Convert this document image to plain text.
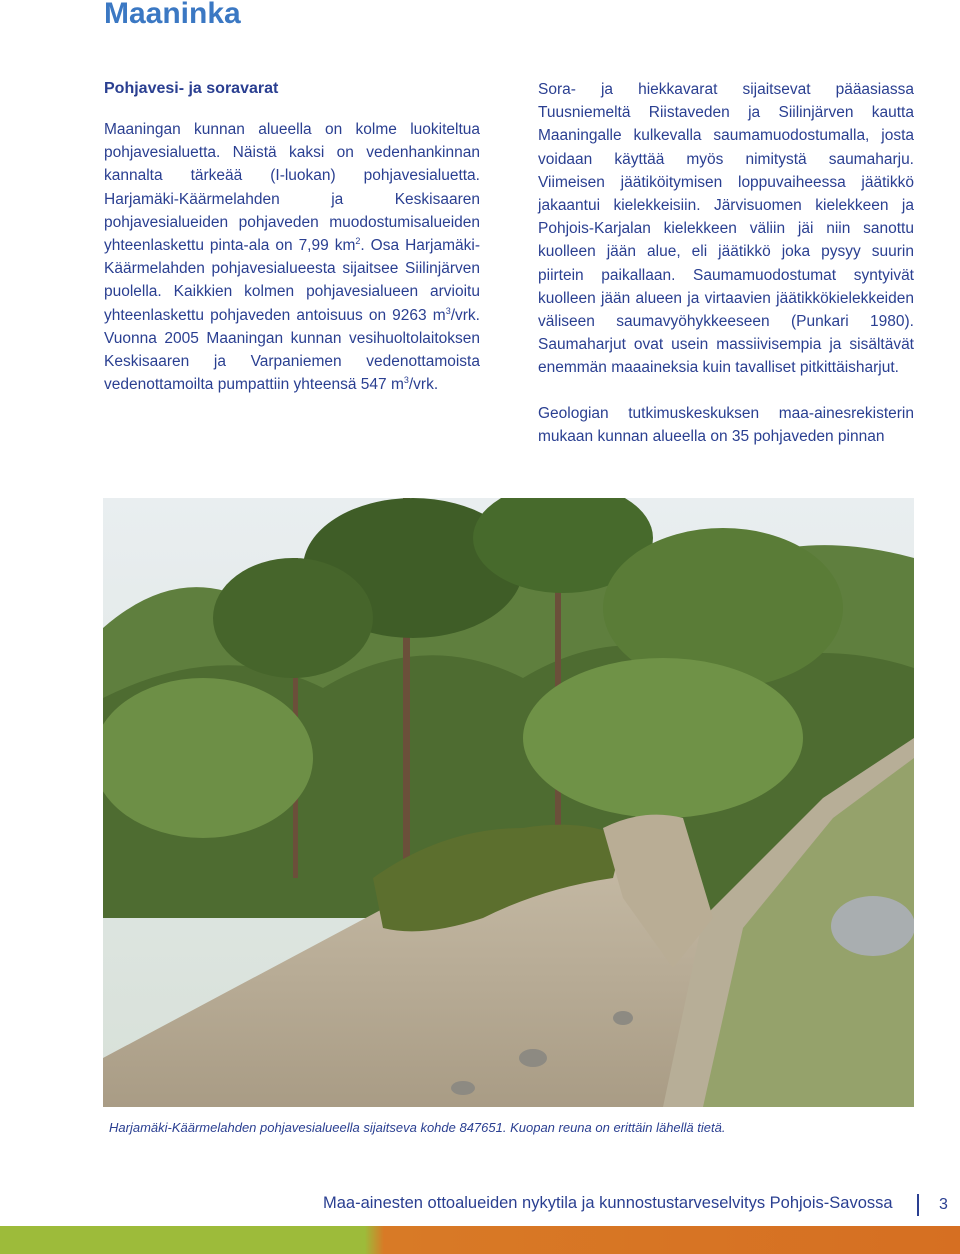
Maaninka
Pohjavesi- ja soravarat

Maaningan kunnan alueella on kolme luokiteltua pohjavesialuetta. Näistä kaksi on vedenhankinnan kannalta tärkeää (I-luokan) pohjavesialuetta. Harjamäki-Käärmelahden ja Keskisaaren pohjavesialueiden pohjaveden muodostumisalueiden yhteenlaskettu pinta-ala on 7,99 $km^2$. Osa Harjamäki-Käärmelahden pohjavesialueesta sijaitsee Siilinjärven puolella. Kaikkien kolmen pohjavesialueen arvioitu yhteenlaskettu pohjaveden antoisuus on 9263 $m^3$/vrk. Vuonna 2005 Maaningan kunnan vesihuoltolaitoksen Keskisaaren ja Varpaniemen vedenottamoista vedenottamoilta pumpattiin yhteensä 547 $m^3$/vrk.

Sora- ja hiekkavarat sijaitsevat pääasiassa Tuusniemeltä Riistaveden ja Siilinjärven kautta Maaningalle kulkevalla saumamuodostumalla, josta voidaan käyttää myös nimitystä saumaharju. Viimeisen jäätiköitymisen loppuvaiheessa jäätikkö jakaantui kielekkeisiin. Järvisuomen kielekkeen ja Pohjois-Karjalan kielekkeen väliin jäi niin sanottu kuolleen jään alue, eli jäätikkö joka pysyy suurin piirtein paikallaan. Saumamuodostumat syntyivät kuolleen jään alueen ja virtaavien jäätikkökielekkeiden väliseen saumavyöhykkeeseen (Punkari 1980). Saumaharjut ovat usein massiivisempia ja sisältävät enemmän maaaineksia kuin tavalliset pitkittäisharjut.

Geologian tutkimuskeskuksen maa-ainesrekisterin mukaan kunnan alueella on 35 pohjaveden pinnan

Harjamäki-Käärmelahden pohjavesialueella sijaitseva kohde 847651. Kuopan reuna on erittäin lähellä tietä.
Maa-ainesten ottoalueiden nykytila ja kunnostustarveselvitys Pohjois-Savossa	3
